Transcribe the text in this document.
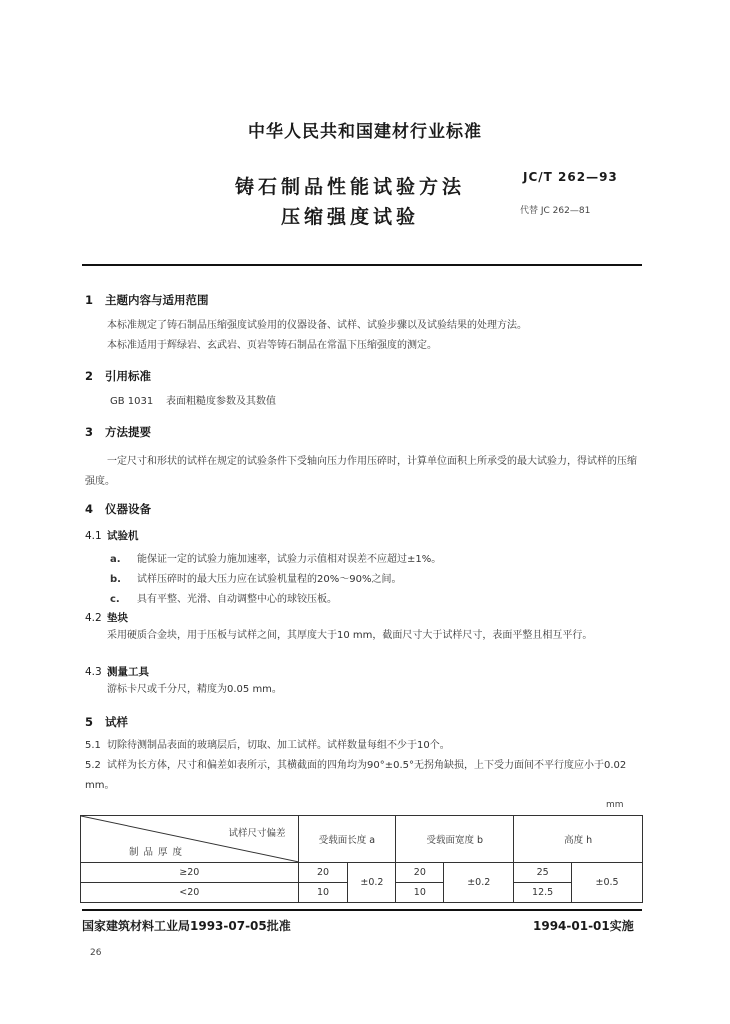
中华人民共和国建材行业标准
铸石制品性能试验方法
压缩强度试验
JC/T 262—93
代替 JC 262—81
1 主题内容与适用范围
本标准规定了铸石制品压缩强度试验用的仪器设备、试样、试验步骤以及试验结果的处理方法。
本标准适用于辉绿岩、玄武岩、页岩等铸石制品在常温下压缩强度的测定。
2 引用标准
GB 1031 表面粗糙度参数及其数值
3 方法提要
一定尺寸和形状的试样在规定的试验条件下受轴向压力作用压碎时，计算单位面积上所承受的最大试验力，得试样的压缩强度。
4 仪器设备
4.1 试验机
a. 能保证一定的试验力施加速率，试验力示值相对误差不应超过±1%。
b. 试样压碎时的最大压力应在试验机量程的20%～90%之间。
c. 具有平整、光滑、自动调整中心的球铰压板。
4.2 垫块
采用硬质合金块，用于压板与试样之间，其厚度大于10 mm，截面尺寸大于试样尺寸，表面平整且相互平行。
4.3 测量工具
游标卡尺或千分尺，精度为0.05 mm。
5 试样
5.1 切除待测制品表面的玻璃层后，切取、加工试样。试样数量每组不少于10个。
5.2 试样为长方体，尺寸和偏差如表所示，其横截面的四角均为90°±0.5°无拐角缺损，上下受力面间不平行度应小于0.02 mm。
mm
试样尺寸偏差
制品厚度	受载面长度 a		受载面宽度 b		高度 h	
≥20	20	±0.2	20	±0.2	25	±0.5
<20	10		10		12.5	
国家建筑材料工业局1993-07-05批准	1994-01-01实施
26
